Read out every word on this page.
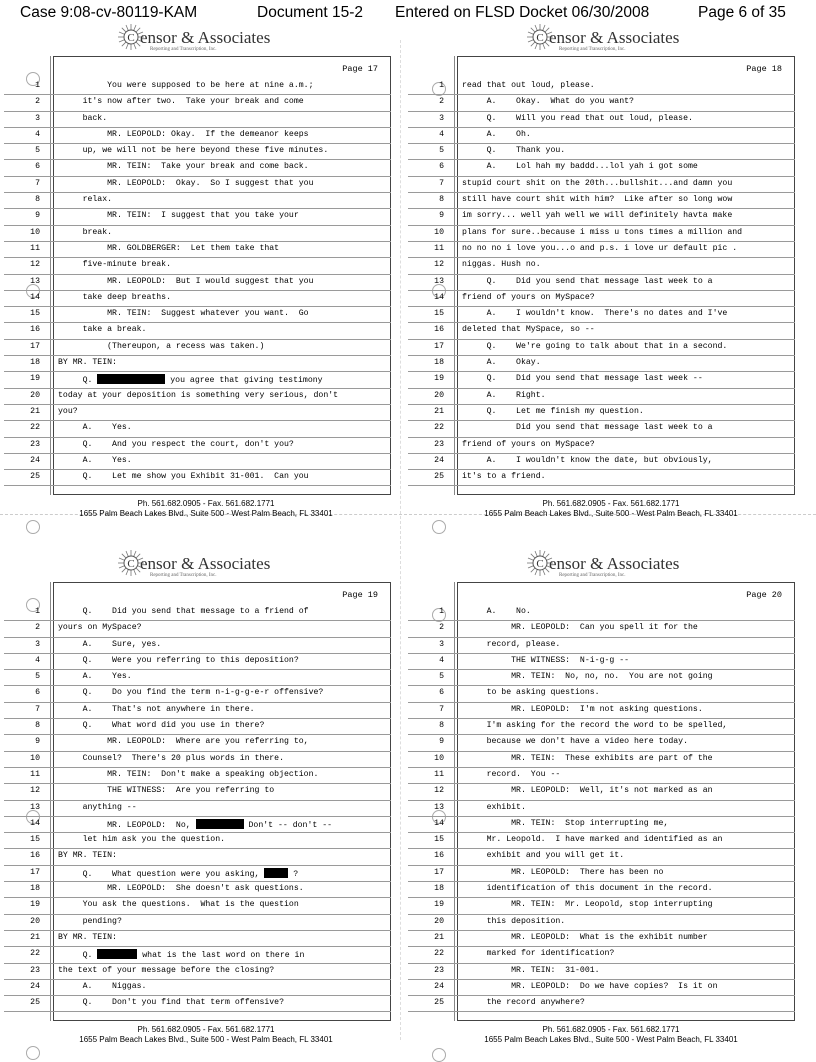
Case 9:08-cv-80119-KAM	Document 15-2 Entered on FLSD Docket 06/30/2008	Page 6 of 35
C ensor & Associates
Reporting and Transcription, Inc.
Page 17
1 You were supposed to be here at nine a.m.;
2 it's now after two.  Take your break and come
3 back.
4 MR. LEOPOLD: Okay.  If the demeanor keeps
5 up, we will not be here beyond these five minutes.
6 MR. TEIN:  Take your break and come back.
7 MR. LEOPOLD:  Okay.  So I suggest that you
8 relax.
9 MR. TEIN:  I suggest that you take your
10 break.
11 MR. GOLDBERGER:  Let them take that
12 five-minute break.
13 MR. LEOPOLD:  But I would suggest that you
14 take deep breaths.
15 MR. TEIN:  Suggest whatever you want.  Go
16 take a break.
17 (Thereupon, a recess was taken.)
18 BY MR. TEIN:
19 Q.	you agree that giving testimony
20 today at your deposition is something very serious, don't
21 you?
22 A.    Yes.
23 Q.    And you respect the court, don't you?
24 A.    Yes.
25 Q.    Let me show you Exhibit 31-001.  Can you
Ph. 561.682.0905 - Fax. 561.682.1771
1655 Palm Beach Lakes Blvd., Suite 500 - West Palm Beach, FL 33401
C ensor & Associates
Reporting and Transcription, Inc.
Page 18
1 read that out loud, please.
2 A.    Okay.  What do you want?
3 Q.    Will you read that out loud, please.
4 A.    Oh.
5 Q.    Thank you.
6 A.    Lol hah my baddd...lol yah i got some
7 stupid court shit on the 20th...bullshit...and damn you
8 still have court shit with him?  Like after so long wow
9 im sorry... well yah well we will definitely havta make
10 plans for sure..because i miss u tons times a million and
11 no no no i love you...o and p.s. i love ur default pic .
12 niggas. Hush no.
13 Q.    Did you send that message last week to a
14 friend of yours on MySpace?
15 A.    I wouldn't know.  There's no dates and I've
16 deleted that MySpace, so --
17 Q.    We're going to talk about that in a second.
18 A.    Okay.
19 Q.    Did you send that message last week --
20 A.    Right.
21 Q.    Let me finish my question.
22 Did you send that message last week to a
23 friend of yours on MySpace?
24 A.    I wouldn't know the date, but obviously,
25 it's to a friend.
Ph. 561.682.0905 - Fax. 561.682.1771
1655 Palm Beach Lakes Blvd., Suite 500 - West Palm Beach, FL 33401
C ensor & Associates
Reporting and Transcription, Inc.
Page 19
1 Q.    Did you send that message to a friend of
2 yours on MySpace?
3 A.    Sure, yes.
4 Q.    Were you referring to this deposition?
5 A.    Yes.
6 Q.    Do you find the term n-i-g-g-e-r offensive?
7 A.    That's not anywhere in there.
8 Q.    What word did you use in there?
9 MR. LEOPOLD:  Where are you referring to,
10 Counsel?  There's 20 plus words in there.
11 MR. TEIN:  Don't make a speaking objection.
12 THE WITNESS:  Are you referring to
13 anything --
14 MR. LEOPOLD:  No,	Don't -- don't --
15 let him ask you the question.
16 BY MR. TEIN:
17 Q.    What question were you asking,	?
18 MR. LEOPOLD:  She doesn't ask questions.
19 You ask the questions.  What is the question
20 pending?
21 BY MR. TEIN:
22 Q.	what is the last word on there in
23 the text of your message before the closing?
24 A.    Niggas.
25 Q.    Don't you find that term offensive?
Ph. 561.682.0905 - Fax. 561.682.1771
1655 Palm Beach Lakes Blvd., Suite 500 - West Palm Beach, FL 33401
C ensor & Associates
Reporting and Transcription, Inc.
Page 20
1 A.    No.
2 MR. LEOPOLD:  Can you spell it for the
3 record, please.
4 THE WITNESS:  N-i-g-g --
5 MR. TEIN:  No, no, no.  You are not going
6 to be asking questions.
7 MR. LEOPOLD:  I'm not asking questions.
8 I'm asking for the record the word to be spelled,
9 because we don't have a video here today.
10 MR. TEIN:  These exhibits are part of the
11 record.  You --
12 MR. LEOPOLD:  Well, it's not marked as an
13 exhibit.
14 MR. TEIN:  Stop interrupting me,
15 Mr. Leopold.  I have marked and identified as an
16 exhibit and you will get it.
17 MR. LEOPOLD:  There has been no
18 identification of this document in the record.
19 MR. TEIN:  Mr. Leopold, stop interrupting
20 this deposition.
21 MR. LEOPOLD:  What is the exhibit number
22 marked for identification?
23 MR. TEIN:  31-001.
24 MR. LEOPOLD:  Do we have copies?  Is it on
25 the record anywhere?
Ph. 561.682.0905 - Fax. 561.682.1771
1655 Palm Beach Lakes Blvd., Suite 500 - West Palm Beach, FL 33401
